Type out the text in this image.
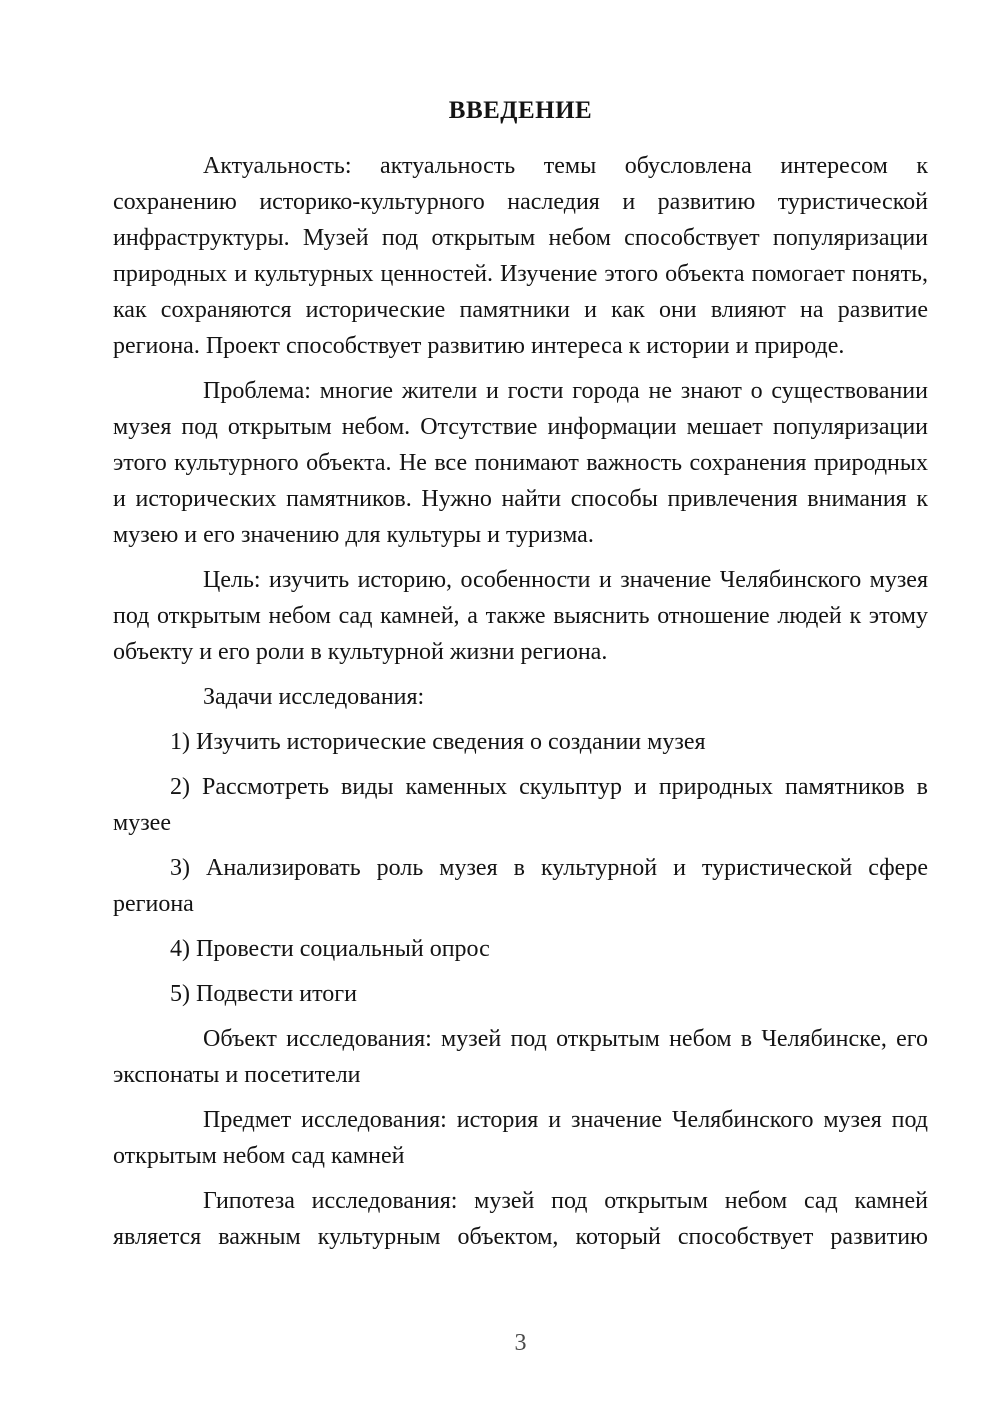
ВВЕДЕНИЕ

Актуальность: актуальность темы обусловлена интересом к сохранению историко-культурного наследия и развитию туристической инфраструктуры. Музей под открытым небом способствует популяризации природных и культурных ценностей. Изучение этого объекта помогает понять, как сохраняются исторические памятники и как они влияют на развитие региона. Проект способствует развитию интереса к истории и природе.

Проблема: многие жители и гости города не знают о существовании музея под открытым небом. Отсутствие информации мешает популяризации этого культурного объекта. Не все понимают важность сохранения природных и исторических памятников. Нужно найти способы привлечения внимания к музею и его значению для культуры и туризма.

Цель: изучить историю, особенности и значение Челябинского музея под открытым небом сад камней, а также выяснить отношение людей к этому объекту и его роли в культурной жизни региона.

Задачи исследования:

1) Изучить исторические сведения о создании музея

2) Рассмотреть виды каменных скульптур и природных памятников в музее

3) Анализировать роль музея в культурной и туристической сфере региона

4) Провести социальный опрос

5) Подвести итоги

Объект исследования: музей под открытым небом в Челябинске, его экспонаты и посетители

Предмет исследования: история и значение Челябинского музея под открытым небом сад камней

Гипотеза исследования: музей под открытым небом сад камней является важным культурным объектом, который способствует развитию

3
